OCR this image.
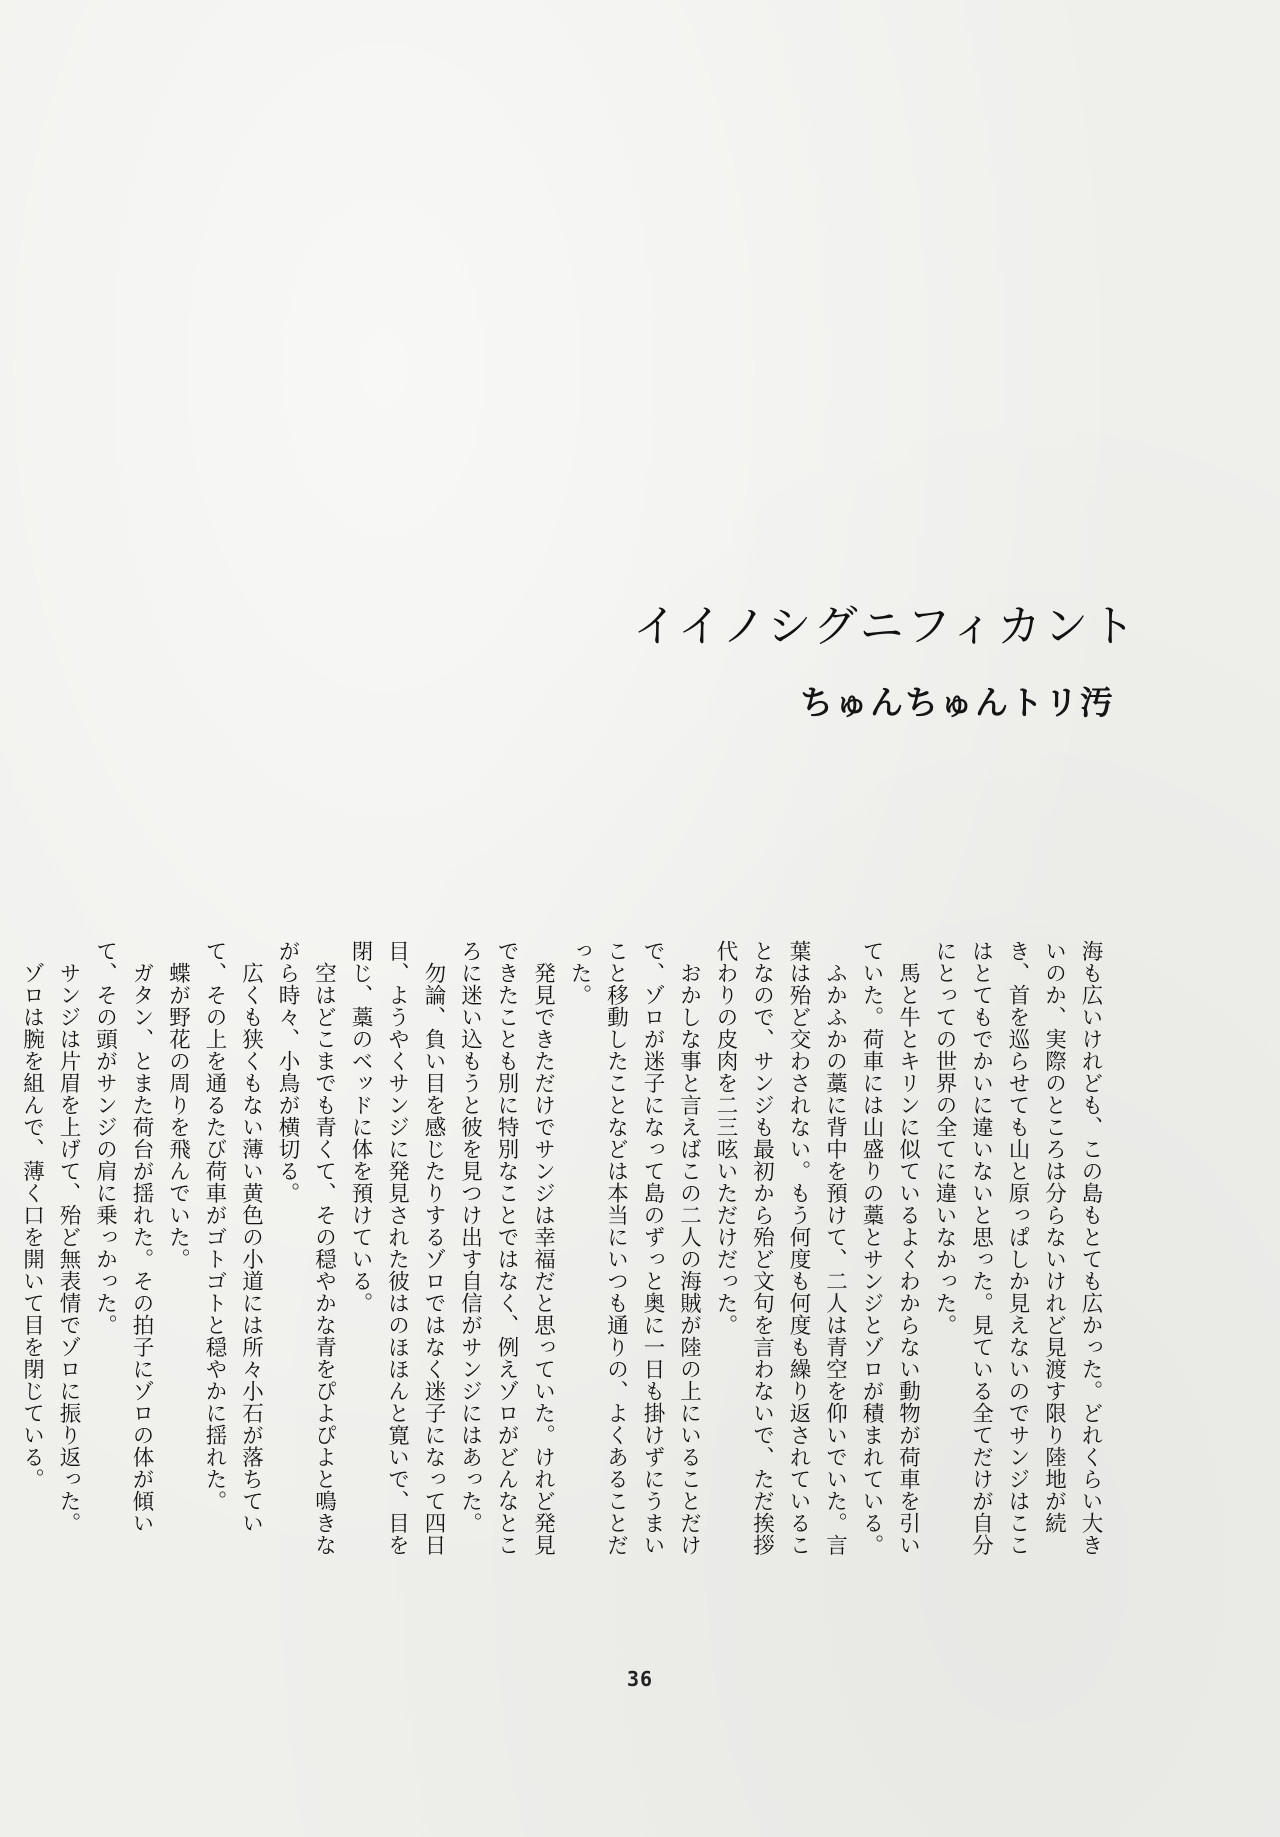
イイノシグニフィカント
ちゅんちゅんトリ汚

海も広いけれども、この島もとても広かった。どれくらい大きいのか、実際のところは分らないけれど見渡す限り陸地が続き、首を巡らせても山と原っぱしか見えないのでサンジはここはとてもでかいに違いないと思った。見ている全てだけが自分にとっての世界の全てに違いなかった。

　馬と牛とキリンに似ているよくわからない動物が荷車を引いていた。荷車には山盛りの藁とサンジとゾロが積まれている。

　ふかふかの藁に背中を預けて、二人は青空を仰いでいた。言葉は殆ど交わされない。もう何度も何度も繰り返されていることなので、サンジも最初から殆ど文句を言わないで、ただ挨拶代わりの皮肉を二三呟いただけだった。

　おかしな事と言えばこの二人の海賊が陸の上にいることだけで、ゾロが迷子になって島のずっと奥に一日も掛けずにうまいこと移動したことなどは本当にいつも通りの、よくあることだった。

　発見できただけでサンジは幸福だと思っていた。けれど発見できたことも別に特別なことではなく、例えゾロがどんなところに迷い込もうと彼を見つけ出す自信がサンジにはあった。

　勿論、負い目を感じたりするゾロではなく迷子になって四日目、ようやくサンジに発見された彼はのほほんと寛いで、目を閉じ、藁のベッドに体を預けている。

　空はどこまでも青くて、その穏やかな青をぴよぴよと鳴きながら時々、小鳥が横切る。

　広くも狭くもない薄い黄色の小道には所々小石が落ちていて、その上を通るたび荷車がゴトゴトと穏やかに揺れた。

　蝶が野花の周りを飛んでいた。

　ガタン、とまた荷台が揺れた。その拍子にゾロの体が傾いて、その頭がサンジの肩に乗っかった。

　サンジは片眉を上げて、殆ど無表情でゾロに振り返った。

　ゾロは腕を組んで、薄く口を開いて目を閉じている。

36
